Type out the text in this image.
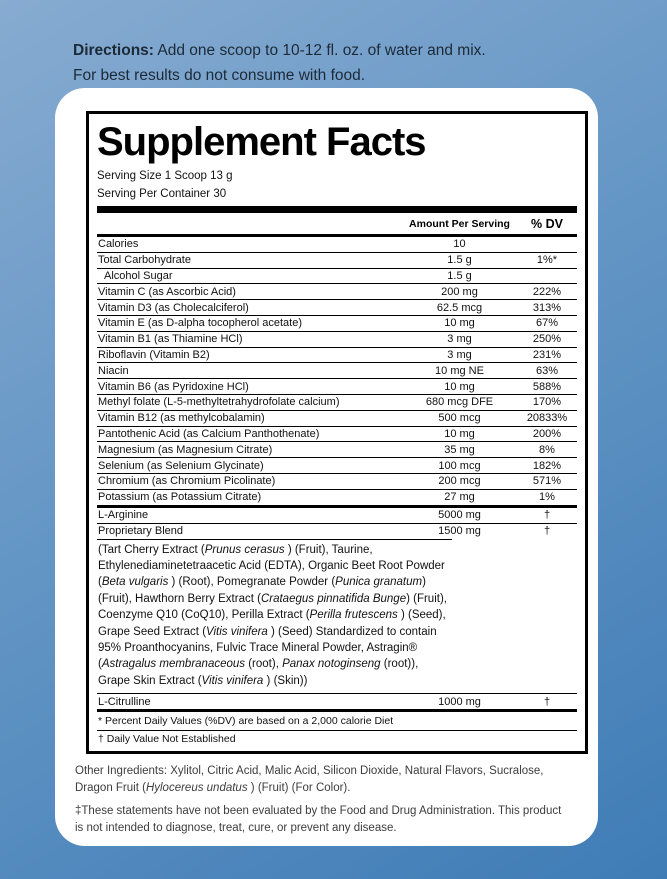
Directions: Add one scoop to 10-12 fl. oz. of water and mix.
For best results do not consume with food.
Supplement Facts
Serving Size 1 Scoop 13 g
Serving Per Container 30
Amount Per Serving	% DV
Calories	10
Total Carbohydrate	1.5 g	1%*
Alcohol Sugar	1.5 g
Vitamin C (as Ascorbic Acid)	200 mg	222%
Vitamin D3 (as Cholecalciferol)	62.5 mcg	313%
Vitamin E (as D-alpha tocopherol acetate)	10 mg	67%
Vitamin B1 (as Thiamine HCl)	3 mg	250%
Riboflavin (Vitamin B2)	3 mg	231%
Niacin	10 mg NE	63%
Vitamin B6 (as Pyridoxine HCl)	10 mg	588%
Methyl folate (L-5-methyltetrahydrofolate calcium)	680 mcg DFE	170%
Vitamin B12 (as methylcobalamin)	500 mcg	20833%
Pantothenic Acid (as Calcium Panthothenate)	10 mg	200%
Magnesium (as Magnesium Citrate)	35 mg	8%
Selenium (as Selenium Glycinate)	100 mcg	182%
Chromium (as Chromium Picolinate)	200 mcg	571%
Potassium (as Potassium Citrate)	27 mg	1%
L-Arginine	5000 mg	†
Proprietary Blend	1500 mg	†
(Tart Cherry Extract (Prunus cerasus ) (Fruit), Taurine, Ethylenediaminetetraacetic Acid (EDTA), Organic Beet Root Powder (Beta vulgaris ) (Root), Pomegranate Powder (Punica granatum) (Fruit), Hawthorn Berry Extract (Crataegus pinnatifida Bunge) (Fruit), Coenzyme Q10 (CoQ10), Perilla Extract (Perilla frutescens ) (Seed), Grape Seed Extract (Vitis vinifera ) (Seed) Standardized to contain 95% Proanthocyanins, Fulvic Trace Mineral Powder, Astragin® (Astragalus membranaceous (root), Panax notoginseng (root)), Grape Skin Extract (Vitis vinifera ) (Skin))
L-Citrulline	1000 mg	†
* Percent Daily Values (%DV) are based on a 2,000 calorie Diet
† Daily Value Not Established

Other Ingredients: Xylitol, Citric Acid, Malic Acid, Silicon Dioxide, Natural Flavors, Sucralose, Dragon Fruit (Hylocereus undatus ) (Fruit) (For Color).

‡These statements have not been evaluated by the Food and Drug Administration. This product is not intended to diagnose, treat, cure, or prevent any disease.
